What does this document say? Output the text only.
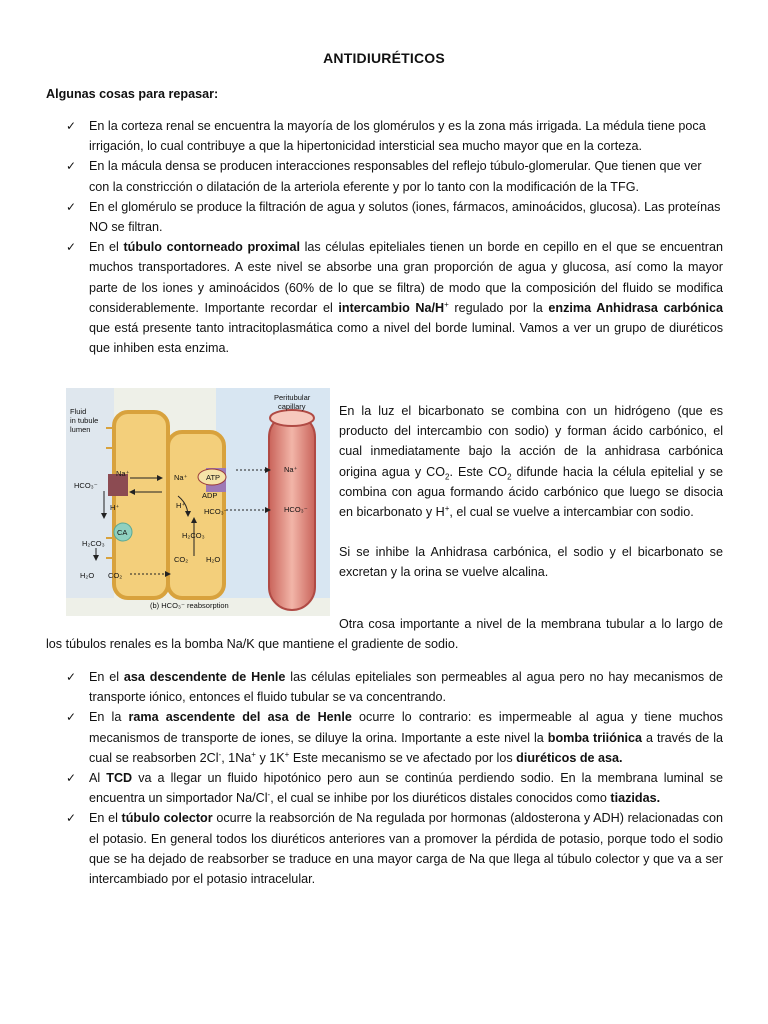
ANTIDIURÉTICOS
Algunas cosas para repasar:
✓ En la corteza renal se encuentra la mayoría de los glomérulos y es la zona más irrigada. La médula tiene poca irrigación, lo cual contribuye a que la hipertonicidad intersticial sea mucho mayor que en la corteza.
✓ En la mácula densa se producen interacciones responsables del reflejo túbulo-glomerular. Que tienen que ver con la constricción o dilatación de la arteriola eferente y por lo tanto con la modificación de la TFG.
✓ En el glomérulo se produce la filtración de agua y solutos (iones, fármacos, aminoácidos, glucosa). Las proteínas
NO se filtran.
✓ En el túbulo contorneado proximal las células epiteliales tienen un borde en cepillo en el que se encuentran muchos transportadores. A este nivel se absorbe una gran proporción de agua y glucosa, así como la mayor parte de los iones y aminoácidos (60% de lo que se filtra) de modo que la composición del fluido se modifica considerablemente. Importante recordar el intercambio Na/H+ regulado por la enzima Anhidrasa carbónica que está presente tanto intracitoplasmática como a nivel del borde luminal. Vamos a ver un grupo de diuréticos que inhiben esta enzima.
Fluid
in tubule
lumen
Peritubular
capillary
Na⁺
HCO₃⁻
H⁺
CA
H₂CO₃
H₂O CO₂
Na⁺ ATP
ADP
H⁺
HCO₃⁻
H₂CO₃
CO₂ H₂O
Na⁺
HCO₃⁻
(b) HCO₃⁻ reabsorption

En la luz el bicarbonato se combina con un hidrógeno (que es producto del intercambio con sodio) y forman ácido carbónico, el cual inmediatamente bajo la acción de la anhidrasa carbónica origina agua y $CO_2$. Este $CO_2$ difunde hacia la célula epitelial y se combina con agua formando ácido carbónico que luego se disocia en bicarbonato y H+, el cual se vuelve a intercambiar con sodio.

Si se inhibe la Anhidrasa carbónica, el sodio y el bicarbonato se excretan y la orina se vuelve alcalina.

Otra cosa importante a nivel de la membrana tubular a lo largo de los túbulos renales es la bomba Na/K que mantiene el gradiente de sodio.
✓ En el asa descendente de Henle las células epiteliales son permeables al agua pero no hay mecanismos de transporte iónico, entonces el fluido tubular se va concentrando.
✓ En la rama ascendente del asa de Henle ocurre lo contrario: es impermeable al agua y tiene muchos mecanismos de transporte de iones, se diluye la orina. Importante a este nivel la bomba triiónica a través de la cual se reabsorben 2Cl-, 1Na+ y 1K+ Este mecanismo se ve afectado por los diuréticos de asa.
✓ Al TCD va a llegar un fluido hipotónico pero aun se continúa perdiendo sodio. En la membrana luminal se encuentra un simportador Na/Cl-, el cual se inhibe por los diuréticos distales conocidos como tiazidas.
✓ En el túbulo colector ocurre la reabsorción de Na regulada por hormonas (aldosterona y ADH) relacionadas con el potasio. En general todos los diuréticos anteriores van a promover la pérdida de potasio, porque todo el sodio que se ha dejado de reabsorber se traduce en una mayor carga de Na que llega al túbulo colector y que va a ser intercambiado por el potasio intracelular.
